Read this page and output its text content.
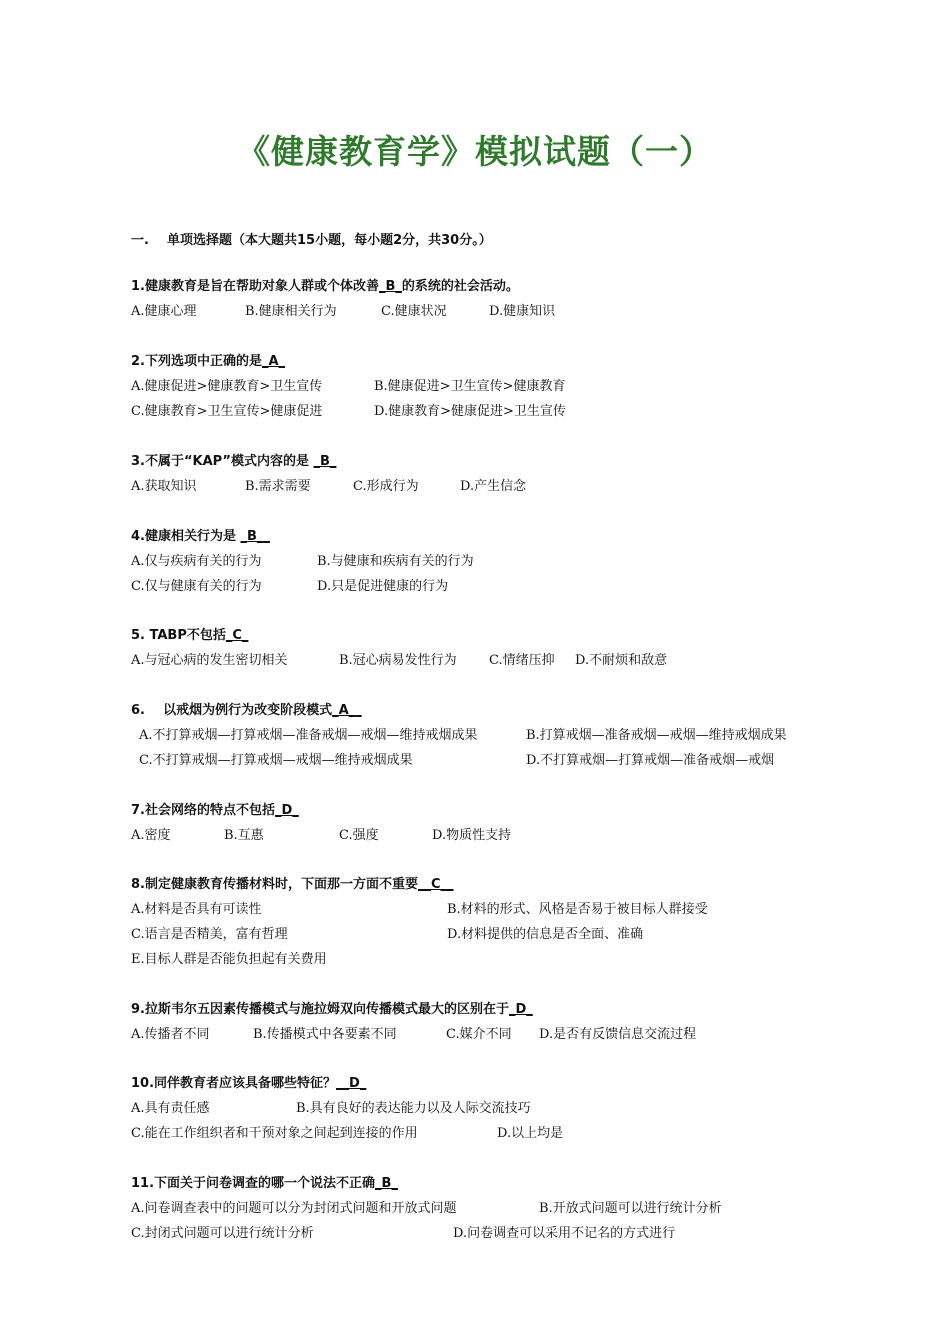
《健康教育学》模拟试题（一）
一. 单项选择题（本大题共15小题，每小题2分，共30分。）
1.健康教育是旨在帮助对象人群或个体改善_B_的系统的社会活动。
A.健康心理	B.健康相关行为	C.健康状况	D.健康知识
2.下列选项中正确的是_A_
A.健康促进>健康教育>卫生宣传	B.健康促进>卫生宣传>健康教育
C.健康教育>卫生宣传>健康促进	D.健康教育>健康促进>卫生宣传
3.不属于“KAP”模式内容的是 _B_
A.获取知识	B.需求需要	C.形成行为	D.产生信念
4.健康相关行为是 _B__
A.仅与疾病有关的行为	B.与健康和疾病有关的行为
C.仅与健康有关的行为	D.只是促进健康的行为
5. TABP不包括_C_
A.与冠心病的发生密切相关	B.冠心病易发性行为 C.情绪压抑 D.不耐烦和敌意
6.    以戒烟为例行为改变阶段模式_A__
A.不打算戒烟—打算戒烟—准备戒烟—戒烟—维持戒烟成果	B.打算戒烟—准备戒烟—戒烟—维持戒烟成果
C.不打算戒烟—打算戒烟—戒烟—维持戒烟成果	D.不打算戒烟—打算戒烟—准备戒烟—戒烟
7.社会网络的特点不包括_D_
A.密度	B.互惠	C.强度	D.物质性支持
8.制定健康教育传播材料时，下面那一方面不重要__C__
A.材料是否具有可读性	B.材料的形式、风格是否易于被目标人群接受
C.语言是否精美，富有哲理	D.材料提供的信息是否全面、准确
E.目标人群是否能负担起有关费用
9.拉斯韦尔五因素传播模式与施拉姆双向传播模式最大的区别在于_D_
A.传播者不同	B.传播模式中各要素不同	C.媒介不同 D.是否有反馈信息交流过程
10.同伴教育者应该具备哪些特征？__D_
A.具有责任感	B.具有良好的表达能力以及人际交流技巧
C.能在工作组织者和干预对象之间起到连接的作用	D.以上均是
11.下面关于问卷调查的哪一个说法不正确_B_
A.问卷调查表中的问题可以分为封闭式问题和开放式问题	B.开放式问题可以进行统计分析
C.封闭式问题可以进行统计分析	D.问卷调查可以采用不记名的方式进行
